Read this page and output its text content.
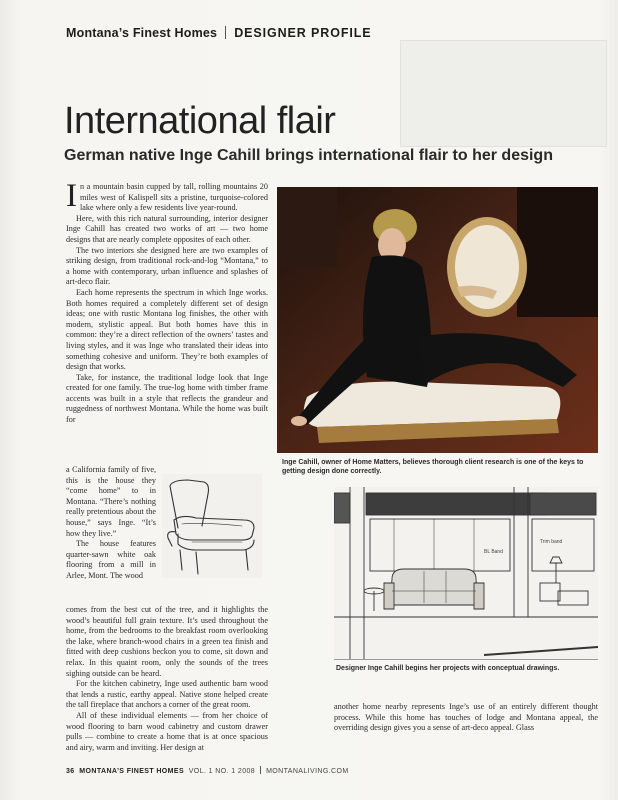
Montana’s Finest Homes DESIGNER PROFILE
International flair
German native Inge Cahill brings international flair to her design

In a mountain basin cupped by tall, rolling mountains 20 miles west of Kalispell sits a pristine, turquoise-colored lake where only a few residents live year-round.

Here, with this rich natural surrounding, interior designer Inge Cahill has created two works of art — two home designs that are nearly complete opposites of each other.

The two interiors she designed here are two examples of striking design, from traditional rock-and-log “Montana,” to a home with contemporary, urban influence and splashes of art-deco flair.

Each home represents the spectrum in which Inge works. Both homes required a completely different set of design ideas; one with rustic Montana log finishes, the other with modern, stylistic appeal. But both homes have this in common: they’re a direct reflection of the owners’ tastes and living styles, and it was Inge who translated their ideas into something cohesive and uniform. They’re both examples of design that works.

Take, for instance, the traditional lodge look that Inge created for one family. The true-log home with timber frame accents was built in a style that reflects the grandeur and ruggedness of northwest Montana. While the home was built for

a California family of five, this is the house they “come home” to in Montana. “There’s nothing really pretentious about the house,” says Inge. “It’s how they live.”

The house features quarter-sawn white oak flooring from a mill in Arlee, Mont. The wood

comes from the best cut of the tree, and it highlights the wood’s beautiful full grain texture. It’s used throughout the home, from the bedrooms to the breakfast room overlooking the lake, where branch-wood chairs in a green tea finish and fitted with deep cushions beckon you to come, sit down and relax. In this quaint room, only the sounds of the trees sighing outside can be heard.

For the kitchen cabinetry, Inge used authentic barn wood that lends a rustic, earthy appeal. Native stone helped create the tall fireplace that anchors a corner of the great room.

All of these individual elements — from her choice of wood flooring to barn wood cabinetry and custom drawer pulls — combine to create a home that is at once spacious and airy, warm and inviting. Her design at

Inge Cahill, owner of Home Matters, believes thorough client research is one of the keys to getting design done correctly.
BL Band
Trim band
Designer Inge Cahill begins her projects with conceptual drawings.

another home nearby represents Inge’s use of an entirely different thought process. While this home has touches of lodge and Montana appeal, the overriding design gives you a sense of art-deco appeal. Glass

36 MONTANA’S FINEST HOMES VOL. 1 NO. 1 2008 MONTANALIVING.COM
